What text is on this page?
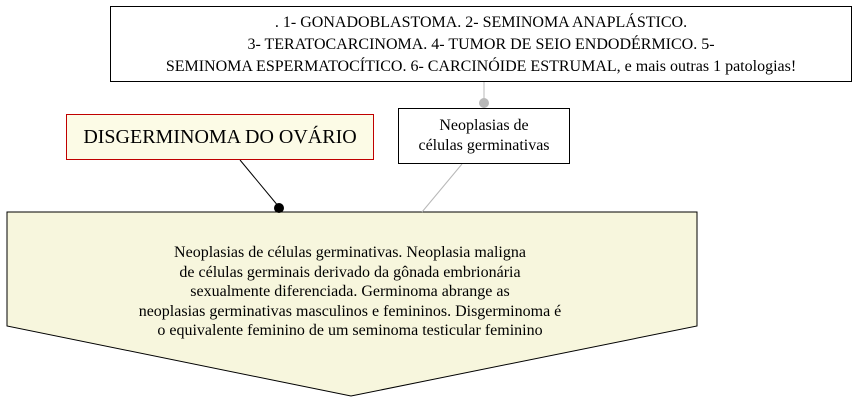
. 1- GONADOBLASTOMA. 2- SEMINOMA ANAPLÁSTICO.
3- TERATOCARCINOMA. 4- TUMOR DE SEIO ENDODÉRMICO. 5-
SEMINOMA ESPERMATOCÍTICO. 6- CARCINÓIDE ESTRUMAL, e mais outras 1 patologias!
DISGERMINOMA DO OVÁRIO
Neoplasias de
células germinativas
Neoplasias de células germinativas. Neoplasia maligna
de células germinais derivado da gônada embrionária
sexualmente diferenciada. Germinoma abrange as
neoplasias germinativas masculinos e femininos. Disgerminoma é
o equivalente feminino de um seminoma testicular feminino
